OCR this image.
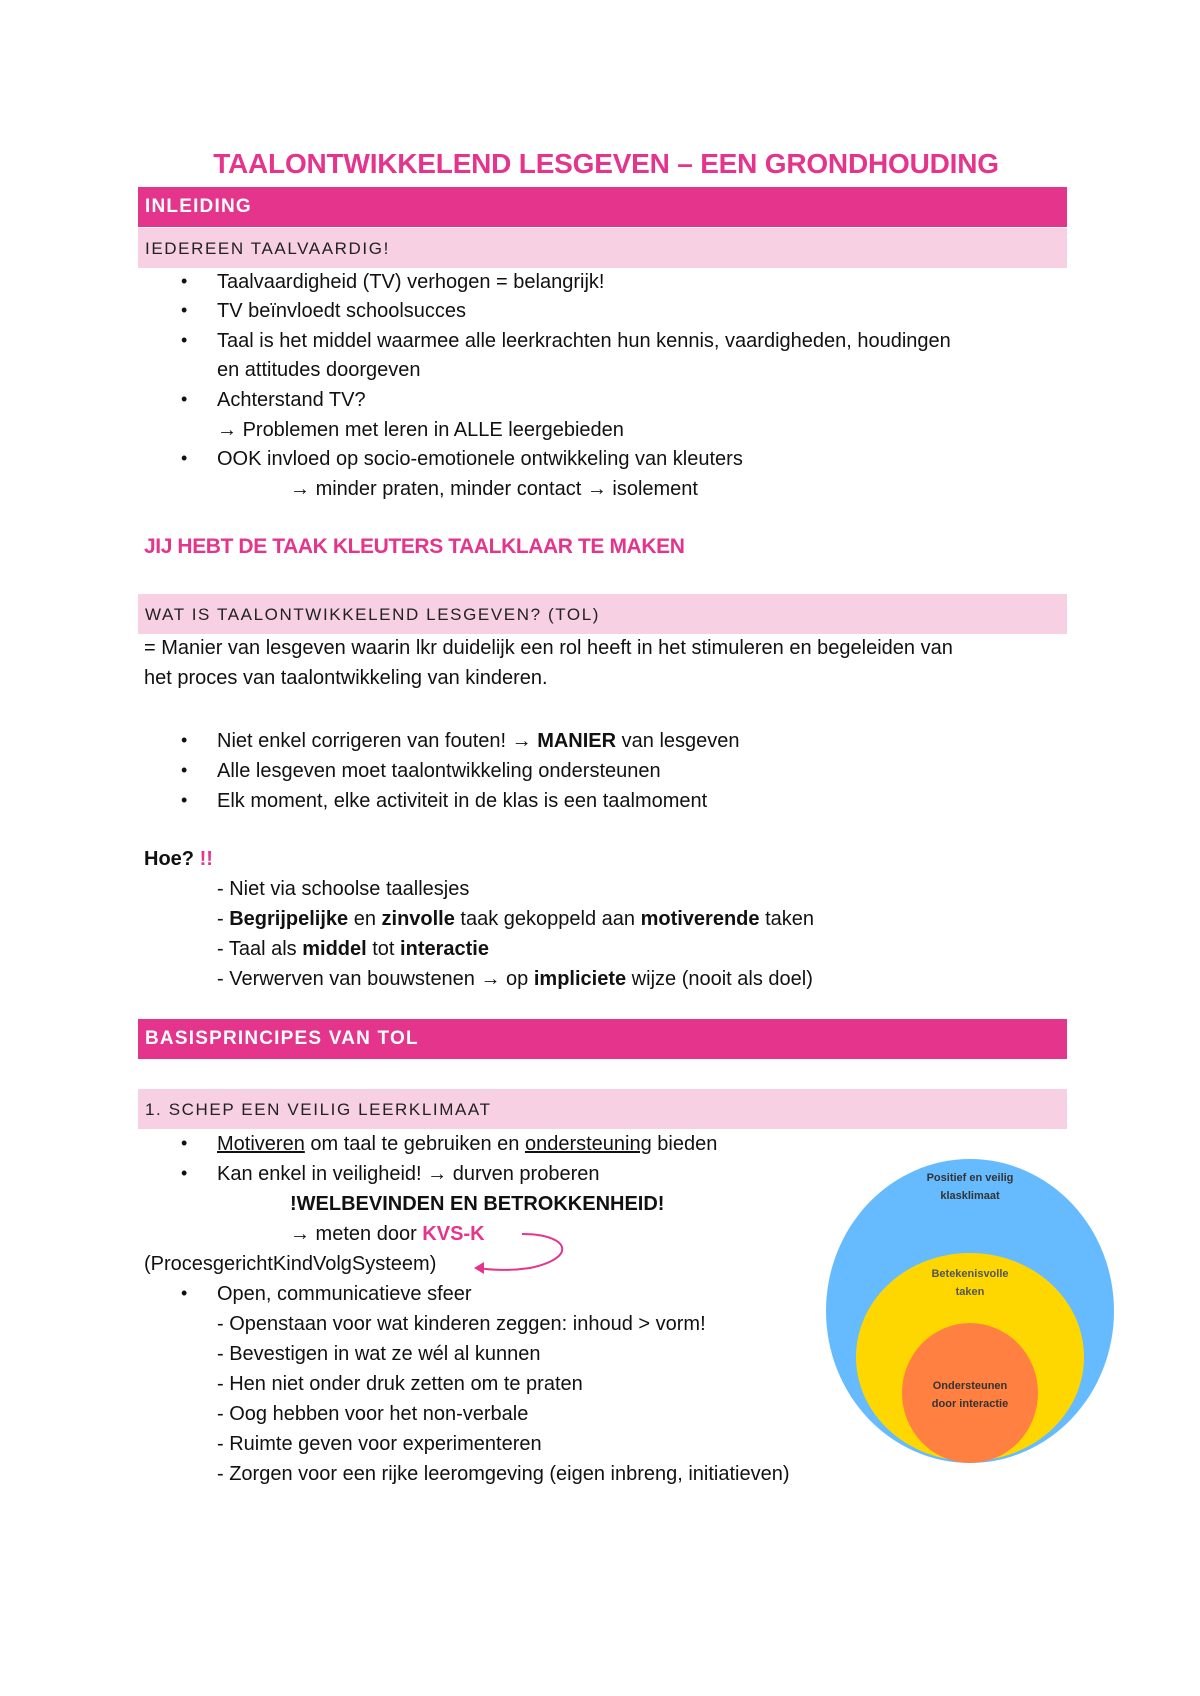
TAALONTWIKKELEND LESGEVEN – EEN GRONDHOUDING
INLEIDING
IEDEREEN TAALVAARDIG!
• Taalvaardigheid (TV) verhogen = belangrijk!
• TV beïnvloedt schoolsucces
• Taal is het middel waarmee alle leerkrachten hun kennis, vaardigheden, houdingen
en attitudes doorgeven
• Achterstand TV?
→ Problemen met leren in ALLE leergebieden
• OOK invloed op socio-emotionele ontwikkeling van kleuters
→ minder praten, minder contact → isolement
JIJ HEBT DE TAAK KLEUTERS TAALKLAAR TE MAKEN
WAT IS TAALONTWIKKELEND LESGEVEN? (TOL)
= Manier van lesgeven waarin lkr duidelijk een rol heeft in het stimuleren en begeleiden van
het proces van taalontwikkeling van kinderen.
• Niet enkel corrigeren van fouten! → MANIER van lesgeven
• Alle lesgeven moet taalontwikkeling ondersteunen
• Elk moment, elke activiteit in de klas is een taalmoment
Hoe? !!
- Niet via schoolse taallesjes
- Begrijpelijke en zinvolle taak gekoppeld aan motiverende taken
- Taal als middel tot interactie
- Verwerven van bouwstenen → op impliciete wijze (nooit als doel)
BASISPRINCIPES VAN TOL
1. SCHEP EEN VEILIG LEERKLIMAAT
• Motiveren om taal te gebruiken en ondersteuning bieden
• Kan enkel in veiligheid! → durven proberen
!WELBEVINDEN EN BETROKKENHEID!
→ meten door KVS-K
(ProcesgerichtKindVolgSysteem)
• Open, communicatieve sfeer
- Openstaan voor wat kinderen zeggen: inhoud > vorm!
- Bevestigen in wat ze wél al kunnen
- Hen niet onder druk zetten om te praten
- Oog hebben voor het non-verbale
- Ruimte geven voor experimenteren
- Zorgen voor een rijke leeromgeving (eigen inbreng, initiatieven)
Positief en veilig
klasklimaat
Betekenisvolle
taken
Ondersteunen
door interactie
